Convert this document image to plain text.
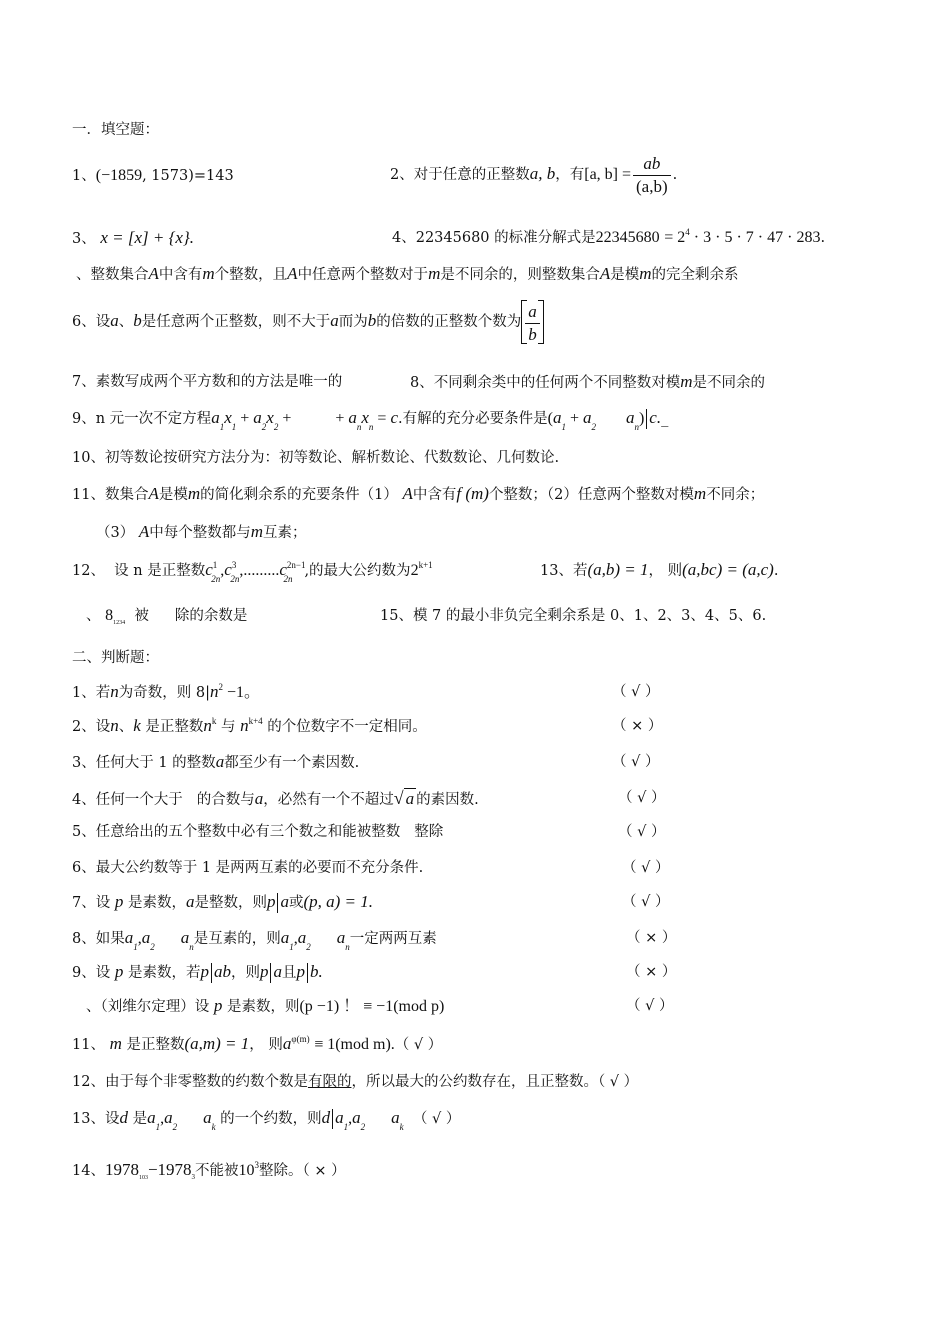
一．填空题：
1、(−1859, 1573)=143	2、对于任意的正整数a, b，有[a, $b] = \frac{ab}{(a,b)}$ .
3、 x = [x] + {x}.	4、22345680 的标准分解式是$22345680 = 2^4 \cdot 3 \cdot 5 \cdot 7 \cdot 47 \cdot 283$.
、整数集合A中含有m个整数，且A中任意两个整数对于m是不同余的，则整数集合A是模m的完全剩余系
6、设a、b是任意两个正整数，则不大于a而为b的倍数的正整数个数为 $\frac{a}{b}$
7、素数写成两个平方数和的方法是唯一的	8、不同剩余类中的任何两个不同整数对模m是不同余的
9、n 元一次不定方程$a_1x_1 + a_2x_2$ +	+ $a_nx_n = c$.有解的充分必要条件是($a_1 + a_2$ $a_n$) c._
10、初等数论按研究方法分为：初等数论、解析数论、代数数论、几何数论.
11、数集合A是模m的简化剩余系的充要条件（1） A中含有f (m)个整数；（2）任意两个整数对模m不同余；
（3） A中每个整数都与m互素；
12、 设 n 是正整数$c^1_{2n},c^3_{2n},.........c^{2n-1}_{2n}$ ,的最大公约数为$2^{k+1}$	13、若(a,b) = 1， 则(a,bc) = (a,c).
、 $8_{1234}$ 被 除的余数是	15、模 7 的最小非负完全剩余系是 0、1、2、3、4、5、6.
二、判断题：
1、若n为奇数，则 $8|n^2 -1$。	（ √ ）
2、设n、k 是正整数$n^k$ 与 $n^{k+4}$ 的个位数字不一定相同。	（ × ）
3、任何大于 1 的整数a都至少有一个素因数.	（ √ ）
4、任何一个大于 的合数与a，必然有一个不超过√ a 的素因数.	（ √ ）
5、任意给出的五个整数中必有三个数之和能被整数 整除	（ √ ）
6、最大公约数等于 1 是两两互素的必要而不充分条件.	（ √ ）
7、设 p 是素数，a是整数，则p a或(p, a) = 1.	（ √ ）
8、如果$a_1,a_2$ $a_n$是互素的，则$a_1,a_2$ $a_n$一定两两互素	（ × ）
9、设 p 是素数，若p ab，则p a且p b.	（ × ）
、（刘维尔定理）设 p 是素数，则(p −1) ！ ≡ −1(mod p)	（ √ ）
11、 m 是正整数(a,m) = 1， 则$a^{\varphi(m)} \equiv 1(mod$ m).（ √ ）
12、由于每个非零整数的约数个数是有限的，所以最大的公约数存在，且正整数。（ √ ）
13、设d 是$a_1,a_2$ $a_k$ 的一个约数，则d $a_1,a_2$ $a_k$ （ √ ）
14、$1978_{103}-1978_3$不能被$10^3$整除。（ × ）
